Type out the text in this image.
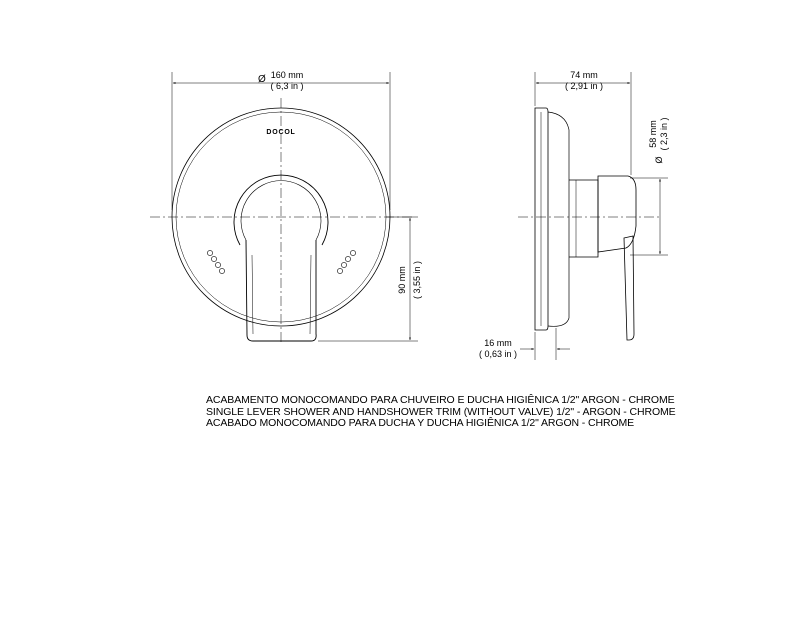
DOCOL
Ø 160 mm
( 6,3 in )
90 mm ( 3,55 in )
74 mm
( 2,91 in )
16 mm
( 0,63 in )
58 mm ( 2,3 in )
Ø
ACABAMENTO MONOCOMANDO PARA CHUVEIRO E DUCHA HIGIÊNICA 1/2" ARGON - CHROME
SINGLE LEVER SHOWER AND HANDSHOWER TRIM (WITHOUT VALVE) 1/2" - ARGON - CHROME
ACABADO MONOCOMANDO PARA DUCHA Y DUCHA HIGIÊNICA 1/2" ARGON - CHROME
